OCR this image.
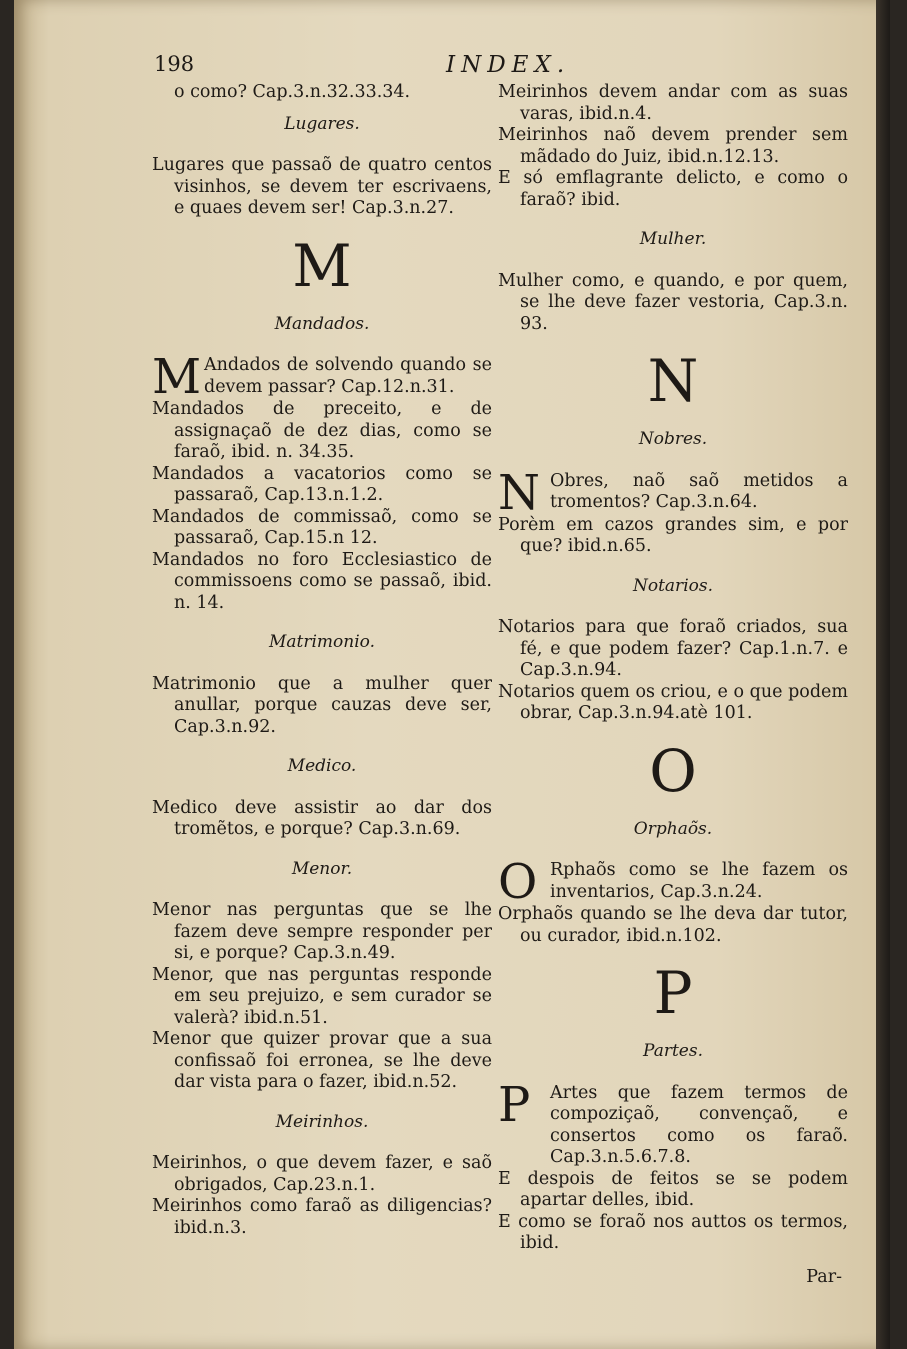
198	INDEX.

o como? Cap.3.n.32.33.34.

Lugares.

Lugares que passaõ de quatro centos visinhos, se devem ter escrivaens, e quaes devem ser! Cap.3.n.27.

M
Mandados.

M Andados de solvendo quando se devem passar? Cap.12.n.31.

Mandados de preceito, e de assignaçaõ de dez dias, como se faraõ, ibid. n. 34.35.

Mandados a vacatorios como se passaraõ, Cap.13.n.1.2.

Mandados de commissaõ, como se passaraõ, Cap.15.n 12.

Mandados no foro Ecclesiastico de commissoens como se passaõ, ibid. n. 14.

Matrimonio.

Matrimonio que a mulher quer anullar, porque cauzas deve ser, Cap.3.n.92.

Medico.

Medico deve assistir ao dar dos tromẽtos, e porque? Cap.3.n.69.

Menor.

Menor nas perguntas que se lhe fazem deve sempre responder per si, e porque? Cap.3.n.49.

Menor, que nas perguntas responde em seu prejuizo, e sem curador se valerà? ibid.n.51.

Menor que quizer provar que a sua confissaõ foi erronea, se lhe deve dar vista para o fazer, ibid.n.52.

Meirinhos.

Meirinhos, o que devem fazer, e saõ obrigados, Cap.23.n.1.

Meirinhos como faraõ as diligencias? ibid.n.3.

Meirinhos devem andar com as suas varas, ibid.n.4.

Meirinhos naõ devem prender sem mãdado do Juiz, ibid.n.12.13.

E só emflagrante delicto, e como o faraõ? ibid.

Mulher.

Mulher como, e quando, e por quem, se lhe deve fazer vestoria, Cap.3.n. 93.

N
Nobres.

N Obres, naõ saõ metidos a tromentos? Cap.3.n.64.

Porèm em cazos grandes sim, e por que? ibid.n.65.

Notarios.

Notarios para que foraõ criados, sua fé, e que podem fazer? Cap.1.n.7. e Cap.3.n.94.

Notarios quem os criou, e o que podem obrar, Cap.3.n.94.atè 101.

O
Orphaõs.

O Rphaõs como se lhe fazem os inventarios, Cap.3.n.24.

Orphaõs quando se lhe deva dar tutor, ou curador, ibid.n.102.

P
Partes.

P Artes que fazem termos de compoziçaõ, convençaõ, e consertos como os faraõ. Cap.3.n.5.6.7.8.

E despois de feitos se se podem apartar delles, ibid.

E como se foraõ nos auttos os termos, ibid.

Par-
